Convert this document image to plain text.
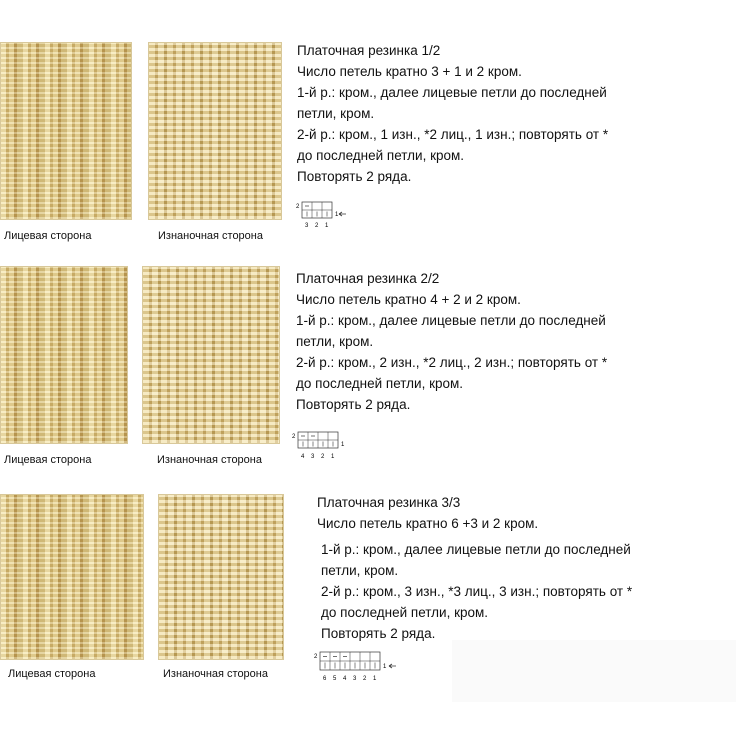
Лицевая сторона	Изнаночная сторона
Платочная резинка 1/2
Число петель кратно 3 + 1 и 2 кром.
1-й р.: кром., далее лицевые петли до последней
петли, кром.
2-й р.: кром., 1 изн., *2 лиц., 1 изн.; повторять от *
до последней петли, кром.
Повторять 2 ряда.
2
1
3 2 1
Лицевая сторона	Изнаночная сторона
Платочная резинка 2/2
Число петель кратно 4 + 2 и 2 кром.
1-й р.: кром., далее лицевые петли до последней
петли, кром.
2-й р.: кром., 2 изн., *2 лиц., 2 изн.; повторять от *
до последней петли, кром.
Повторять 2 ряда.
2
1
4 3 2 1
Лицевая сторона	Изнаночная сторона
Платочная резинка 3/3
Число петель кратно 6 +3 и 2 кром.
1-й р.: кром., далее лицевые петли до последней
петли, кром.
2-й р.: кром., 3 изн., *3 лиц., 3 изн.; повторять от *
до последней петли, кром.
Повторять 2 ряда.
2
1
6 5 4 3 2 1
